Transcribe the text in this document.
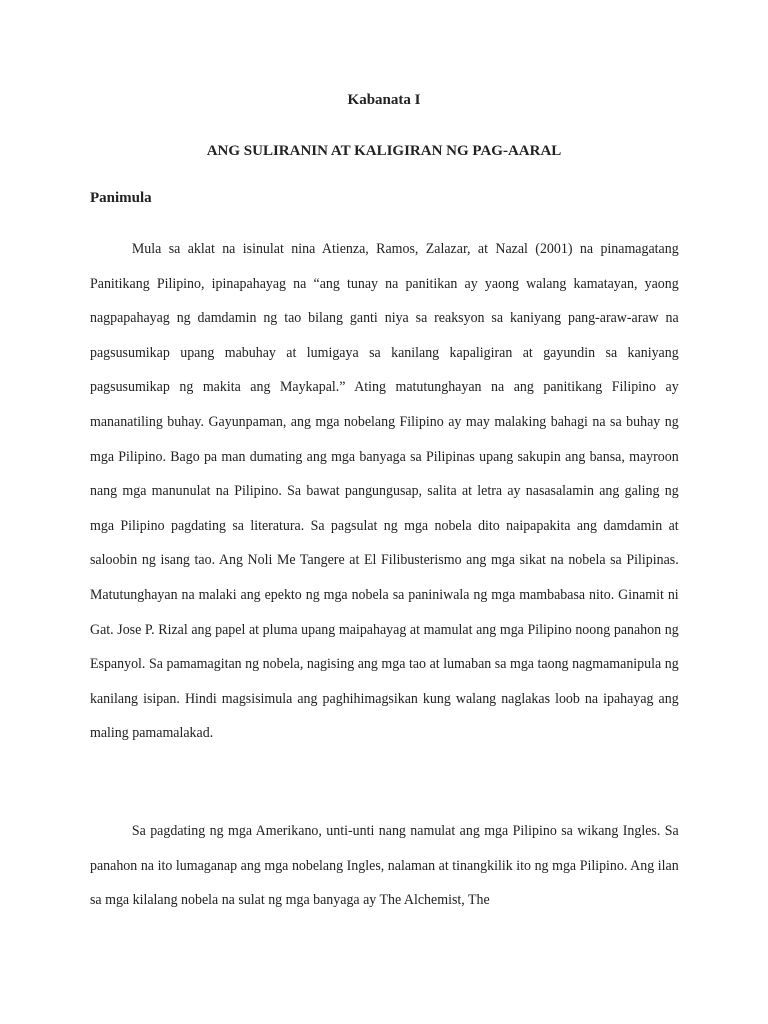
Kabanata I
ANG SULIRANIN AT KALIGIRAN NG PAG-AARAL
Panimula

Mula sa aklat na isinulat nina Atienza, Ramos, Zalazar, at Nazal (2001) na pinamagatang Panitikang Pilipino, ipinapahayag na “ang tunay na panitikan ay yaong walang kamatayan, yaong nagpapahayag ng damdamin ng tao bilang ganti niya sa reaksyon sa kaniyang pang-araw-araw na pagsusumikap upang mabuhay at lumigaya sa kanilang kapaligiran at gayundin sa kaniyang pagsusumikap ng makita ang Maykapal.” Ating matutunghayan na ang panitikang Filipino ay mananatiling buhay. Gayunpaman, ang mga nobelang Filipino ay may malaking bahagi na sa buhay ng mga Pilipino. Bago pa man dumating ang mga banyaga sa Pilipinas upang sakupin ang bansa, mayroon nang mga manunulat na Pilipino. Sa bawat pangungusap, salita at letra ay nasasalamin ang galing ng mga Pilipino pagdating sa literatura. Sa pagsulat ng mga nobela dito naipapakita ang damdamin at saloobin ng isang tao. Ang Noli Me Tangere at El Filibusterismo ang mga sikat na nobela sa Pilipinas. Matutunghayan na malaki ang epekto ng mga nobela sa paniniwala ng mga mambabasa nito. Ginamit ni Gat. Jose P. Rizal ang papel at pluma upang maipahayag at mamulat ang mga Pilipino noong panahon ng Espanyol. Sa pamamagitan ng nobela, nagising ang mga tao at lumaban sa mga taong nagmamanipula ng kanilang isipan. Hindi magsisimula ang paghihimagsikan kung walang naglakas loob na ipahayag ang maling pamamalakad.

Sa pagdating ng mga Amerikano, unti-unti nang namulat ang mga Pilipino sa wikang Ingles. Sa panahon na ito lumaganap ang mga nobelang Ingles, nalaman at tinangkilik ito ng mga Pilipino. Ang ilan sa mga kilalang nobela na sulat ng mga banyaga ay The Alchemist, The
